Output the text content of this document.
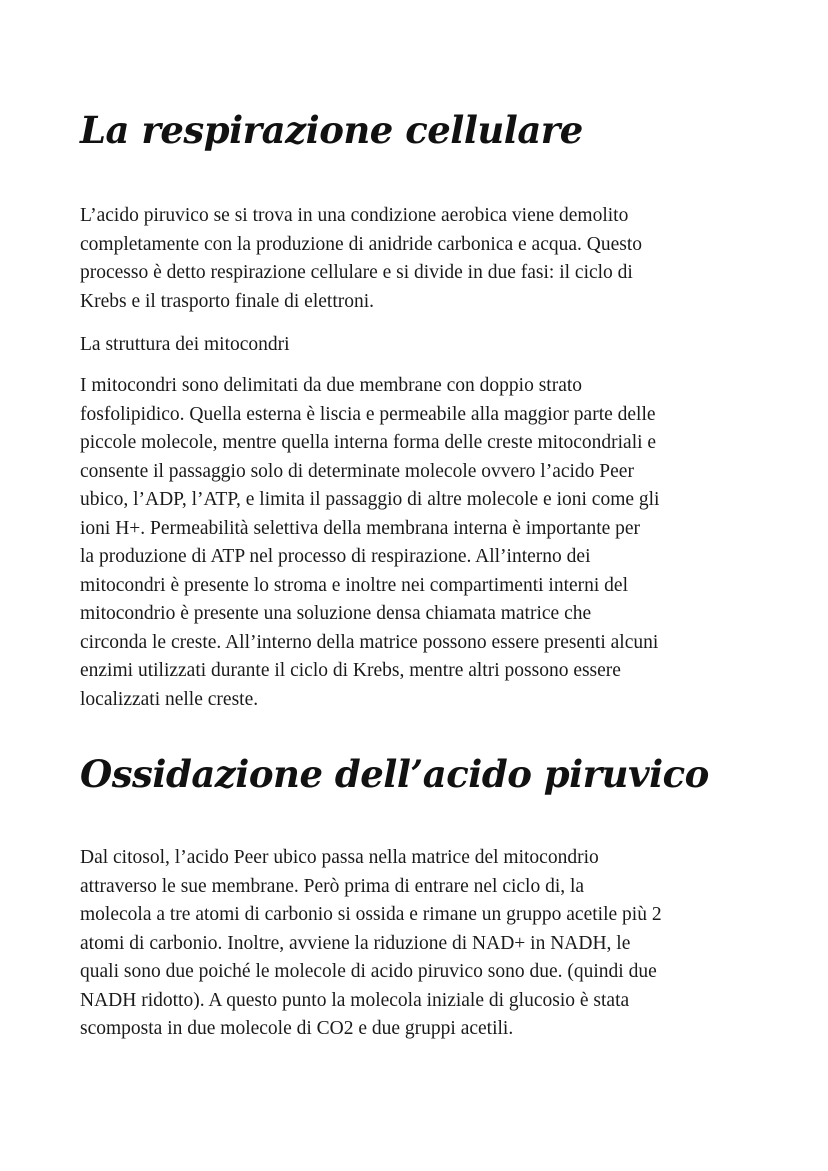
La respirazione cellulare

L’acido piruvico se si trova in una condizione aerobica viene demolito
completamente con la produzione di anidride carbonica e acqua. Questo
processo è detto respirazione cellulare e si divide in due fasi: il ciclo di
Krebs e il trasporto finale di elettroni.

La struttura dei mitocondri

I mitocondri sono delimitati da due membrane con doppio strato
fosfolipidico. Quella esterna è liscia e permeabile alla maggior parte delle
piccole molecole, mentre quella interna forma delle creste mitocondriali e
consente il passaggio solo di determinate molecole ovvero l’acido Peer
ubico, l’ADP, l’ATP, e limita il passaggio di altre molecole e ioni come gli
ioni H+. Permeabilità selettiva della membrana interna è importante per
la produzione di ATP nel processo di respirazione. All’interno dei
mitocondri è presente lo stroma e inoltre nei compartimenti interni del
mitocondrio è presente una soluzione densa chiamata matrice che
circonda le creste. All’interno della matrice possono essere presenti alcuni
enzimi utilizzati durante il ciclo di Krebs, mentre altri possono essere
localizzati nelle creste.

Ossidazione dell’acido piruvico

Dal citosol, l’acido Peer ubico passa nella matrice del mitocondrio
attraverso le sue membrane. Però prima di entrare nel ciclo di, la
molecola a tre atomi di carbonio si ossida e rimane un gruppo acetile più 2
atomi di carbonio. Inoltre, avviene la riduzione di NAD+ in NADH, le
quali sono due poiché le molecole di acido piruvico sono due. (quindi due
NADH ridotto). A questo punto la molecola iniziale di glucosio è stata
scomposta in due molecole di CO2 e due gruppi acetili.
